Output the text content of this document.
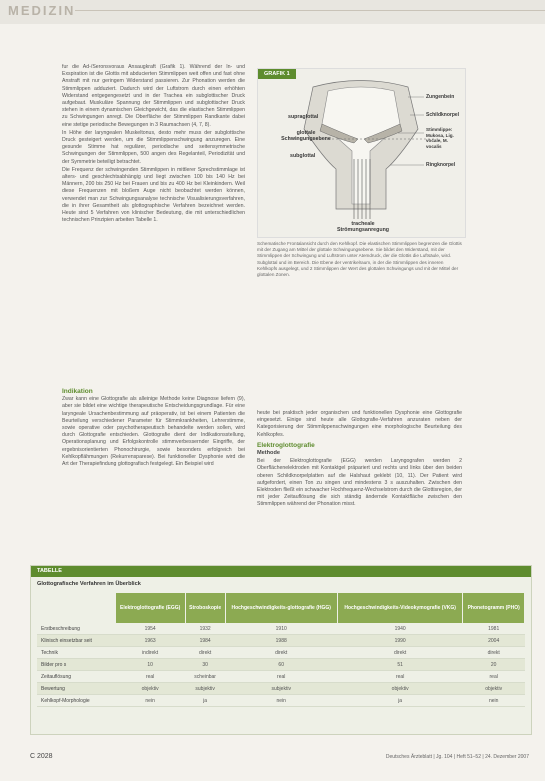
MEDIZIN

fur die Ad-/Seronsvoraus Ansaugkraft (Grafik 1). Während der In- und Exspiration ist die Glottis mit abducierten Stimmlippen weit offen und fast ohne Anstraft mit nur geringem Widerstand passieren. Zur Phonation werden die Stimmlippen adduziert. Dadurch wird der Luftstrom durch einen erhöhten Widerstand entgegengesetzt und in der Trachea ein subglottischer Druck aufgebaut. Muskuläre Spannung der Stimmlippen und subglottischer Druck stehen in einem dynamischen Gleichgewicht, das die elastischen Stimmlippen zu Schwingungen anregt. Die Oberfläche der Stimmlippen Randkante dabei eine stetige periodische Bewegungen in 3 Raumachsen (4, 7, 8).

In Höhe der laryngealen Muskeltonus, desto mehr muss der subglottische Druck gesteigert werden, um die Stimmlippenschwingung anzuregen. Eine gesunde Stimme hat regulärer, periodische und seitensymmetrische Schwingungen der Stimmlippen, 500 angen des Regelanteil, Periodizität und der Symmetrie beteiligt betrachtet.

Die Frequenz der schwingenden Stimmlippen in mittlerer Sprechstimmlage ist alters- und geschlechtsabhängig und liegt zwischen 100 bis 140 Hz bei Männern, 200 bis 250 Hz bei Frauen und bis zu 400 Hz bei Kleinkindern. Weil diese Frequenzen mit bloßem Auge nicht beobachtet werden können, verwendet man zur Schwingungsanalyse technische Visualisierungsverfahren, die in ihrer Gesamtheit als glottographische Verfahren bezeichnet werden. Heute sind 5 Verfahren von klinischer Bedeutung, die mit unterschiedlichen technischen Prinzipien arbeiten Tabelle 1.

Indikation

Zwar kann eine Glottografie als alleinige Methode keine Diagnose liefern (9), aber sie bildet eine wichtige therapeutische Entscheidungsgrundlage. Für eine laryngeale Ursachenbestimmung auf präoperativ, ist bei einem Patienten die Beurteilung verschiedener Parameter für Stimmkrankheiten, Lehrerstimme, sowie operative oder psychotherapeutisch behandelte werden sollen, wird durch Glottografie entschieden. Glottografie dient der Indikationsstellung, Operationsplanung und Erfolgskontrolle stimmverbessernder Eingriffe, der ergebnisorientierten Phonochirurgie, sowie besonders erfolgreich bei Kehlkopflähmungen (Rekurrensparese). Bei funktioneller Dysphonie wird die Art der Therapiefindung glottografisch festgelegt. Ein Beispiel wird

GRAFIK 1
supraglottal
glottale Schwingungsebene
subglottal
Zungenbein
Schildknorpel
Stimmlippe: Mukosa, Lig. vocale, M. vocalis
Ringknorpel
tracheale Strömungsanregung
Schematische Frontalansicht durch den Kehlkopf. Die elastischen Stimmlippen begrenzen die Glottis mit der Zugang am Mittel der glottale Schwingungsebene. Sie bildet den Widerstand, mit der Stimmlippen der Schwingung und Luftstrom unter Atemdruck, der die Glottis die Luftsäule, wird. Subglottal und im Bereich. Die Ebene der ventrikelraum, in der die Stimmlippen des inneren Kehlkopfs ausgelegt, und 2 Stimmlippen der Wert des glottalen Schwingungs und mit der Mittel der glottalen Zonen.

heute bei praktisch jeder organischen und funktionellen Dysphonie eine Glottografie eingesetzt. Einige sind heute alle Glottografie-Verfahren anzuraten neben der Kategorisierung der Stimmlippenschwingungen eine morphologische Beurteilung des Kehlkopfes.

Elektroglottografie
Methode

Bei der Elektroglottografie (EGG) werden Laryngografen werden 2 Oberflächenelektroden mit Kontaktgel präpariert und rechts und links über den beiden oberen Schildknorpelplatten auf die Halshaut geklebt (10, 11). Der Patient wird aufgefordert, einen Ton zu singen und mindestens 3 s auszuhalten. Zwischen den Elektroden fließt ein schwacher Hochfrequenz-Wechselstrom durch die Glottisregion, der mit jeder Zeitauflösung die sich ständig ändernde Kontaktfläche zwischen den Stimmlippen während der Phonation misst.

TABELLE
Glottografische Verfahren im Überblick
	Elektroglottografie (EGG)	Stroboskopie	Hochgeschwindigkeits-glottografie (HGG)	Hochgeschwindigkeits-Videokymografie (VKG)	Phonetogramm (PHO)
Erstbeschreibung	1954	1932	1910	1940	1981
Klinisch einsetzbar seit	1963	1984	1988	1990	2004
Technik	indirekt	direkt	direkt	direkt	direkt
Bilder pro s	10	30	60	51	20
Zeitauflösung	real	scheinbar	real	real	real
Bewertung	objektiv	subjektiv	subjektiv	objektiv	objektiv
Kehlkopf-Morphologie	nein	ja	nein	ja	nein
C 2028	Deutsches Ärzteblatt | Jg. 104 | Heft 51–52 | 24. Dezember 2007
